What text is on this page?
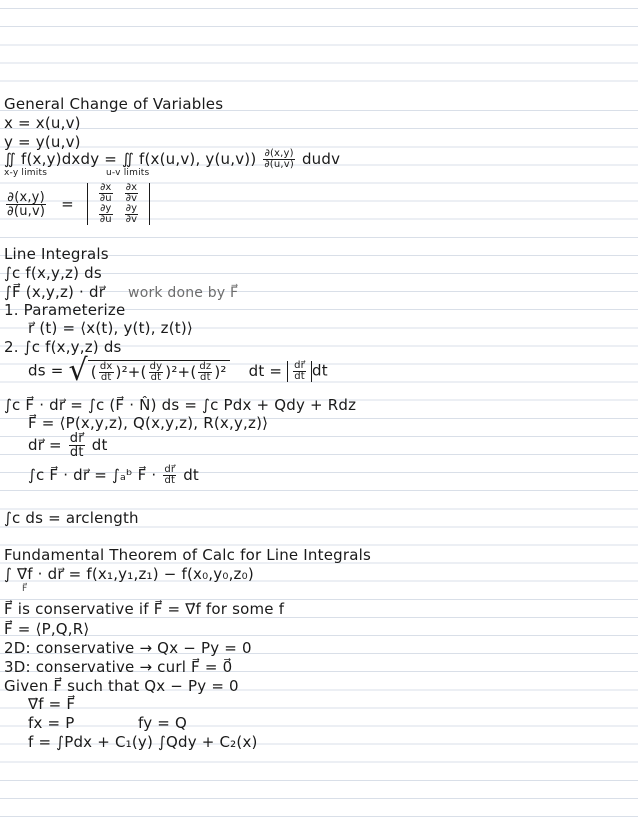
General Change of Variables
x = x(u,v)
y = y(u,v)
∬ f(x,y)dxdy = ∬ f(x(u,v), $y(u,v)) \frac{\partial(x,y)}{\partial(u,v)}$ dudv
x-y limits	u-v limits
$\frac{\partial(x,y)}{\partial(u,v)} = \frac{\partial x}{\partial u}$	$\frac{\partial x}{\partial v}$

$\frac{\partial y}{\partial u}$	$\frac{\partial y}{\partial v}$
Line Integrals
∫c f(x,y,z) ds
∫F⃗ (x,y,z) · dr⃗ work done by F⃗
1. Parameterize
r⃗ (t) = ⟨x(t), y(t), z(t)⟩
2. ∫c f(x,y,z) ds
ds = √( $\frac{dx}{dt} )^2+( \frac{dy}{dt} )^2+( \frac{dz}{dt} )^2$ dt = $\frac{dr⃗}{dt}$ dt
∫c F⃗ · dr⃗ = ∫c (F⃗ · N̂) ds = ∫c Pdx + Qdy + Rdz
F⃗ = ⟨P(x,y,z), Q(x,y,z), R(x,y,z)⟩
dr⃗ = $\frac{dr⃗}{dt}$ dt
∫c F⃗ · dr⃗ = ∫ₐᵇ F⃗ · $\frac{dr⃗}{dt}$ dt
∫c ds = arclength
Fundamental Theorem of Calc for Line Integrals
∫ ∇⃗f · dr⃗ = f(x₁,y₁,z₁) − f(x₀,y₀,z₀)
F⃗
F⃗ is conservative if F⃗ = ∇⃗f for some f
F⃗ = ⟨P,Q,R⟩
2D: conservative → Qx − Py = 0
3D: conservative → curl F⃗ = 0⃗
Given F⃗ such that Qx − Py = 0
∇⃗f = F⃗
fx = P	fy = Q
f = ∫Pdx + C₁(y) ∫Qdy + C₂(x)
